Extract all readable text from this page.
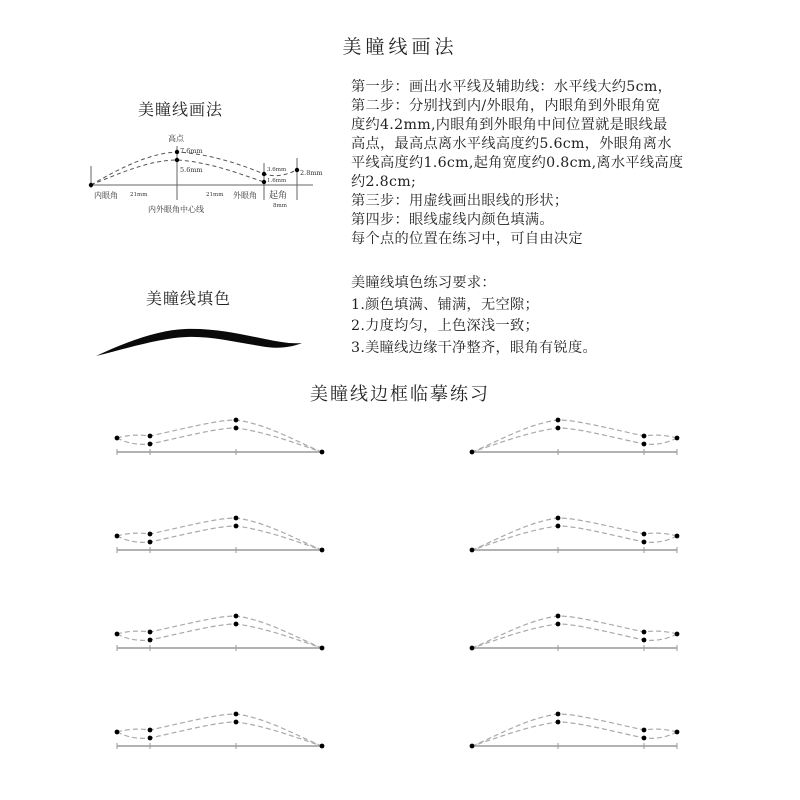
美瞳线画法
美瞳线画法
高点
7.6mm
5.6mm	3.6mm
1.6mm
2.8mm
内眼角 21mm	21mm 外眼角 起角
8mm
内外眼角中心线
第一步：画出水平线及辅助线：水平线大约5cm，
第二步：分别找到内/外眼角，内眼角到外眼角宽
度约4.2mm,内眼角到外眼角中间位置就是眼线最
高点，最高点离水平线高度约5.6cm，外眼角离水
平线高度约1.6cm,起角宽度约0.8cm,离水平线高度
约2.8cm;
第三步：用虚线画出眼线的形状；
第四步：眼线虚线内颜色填满。
每个点的位置在练习中，可自由决定
美瞳线填色
美瞳线填色练习要求：
1.颜色填满、铺满，无空隙；
2.力度均匀，上色深浅一致；
3.美瞳线边缘干净整齐，眼角有锐度。
美瞳线边框临摹练习
